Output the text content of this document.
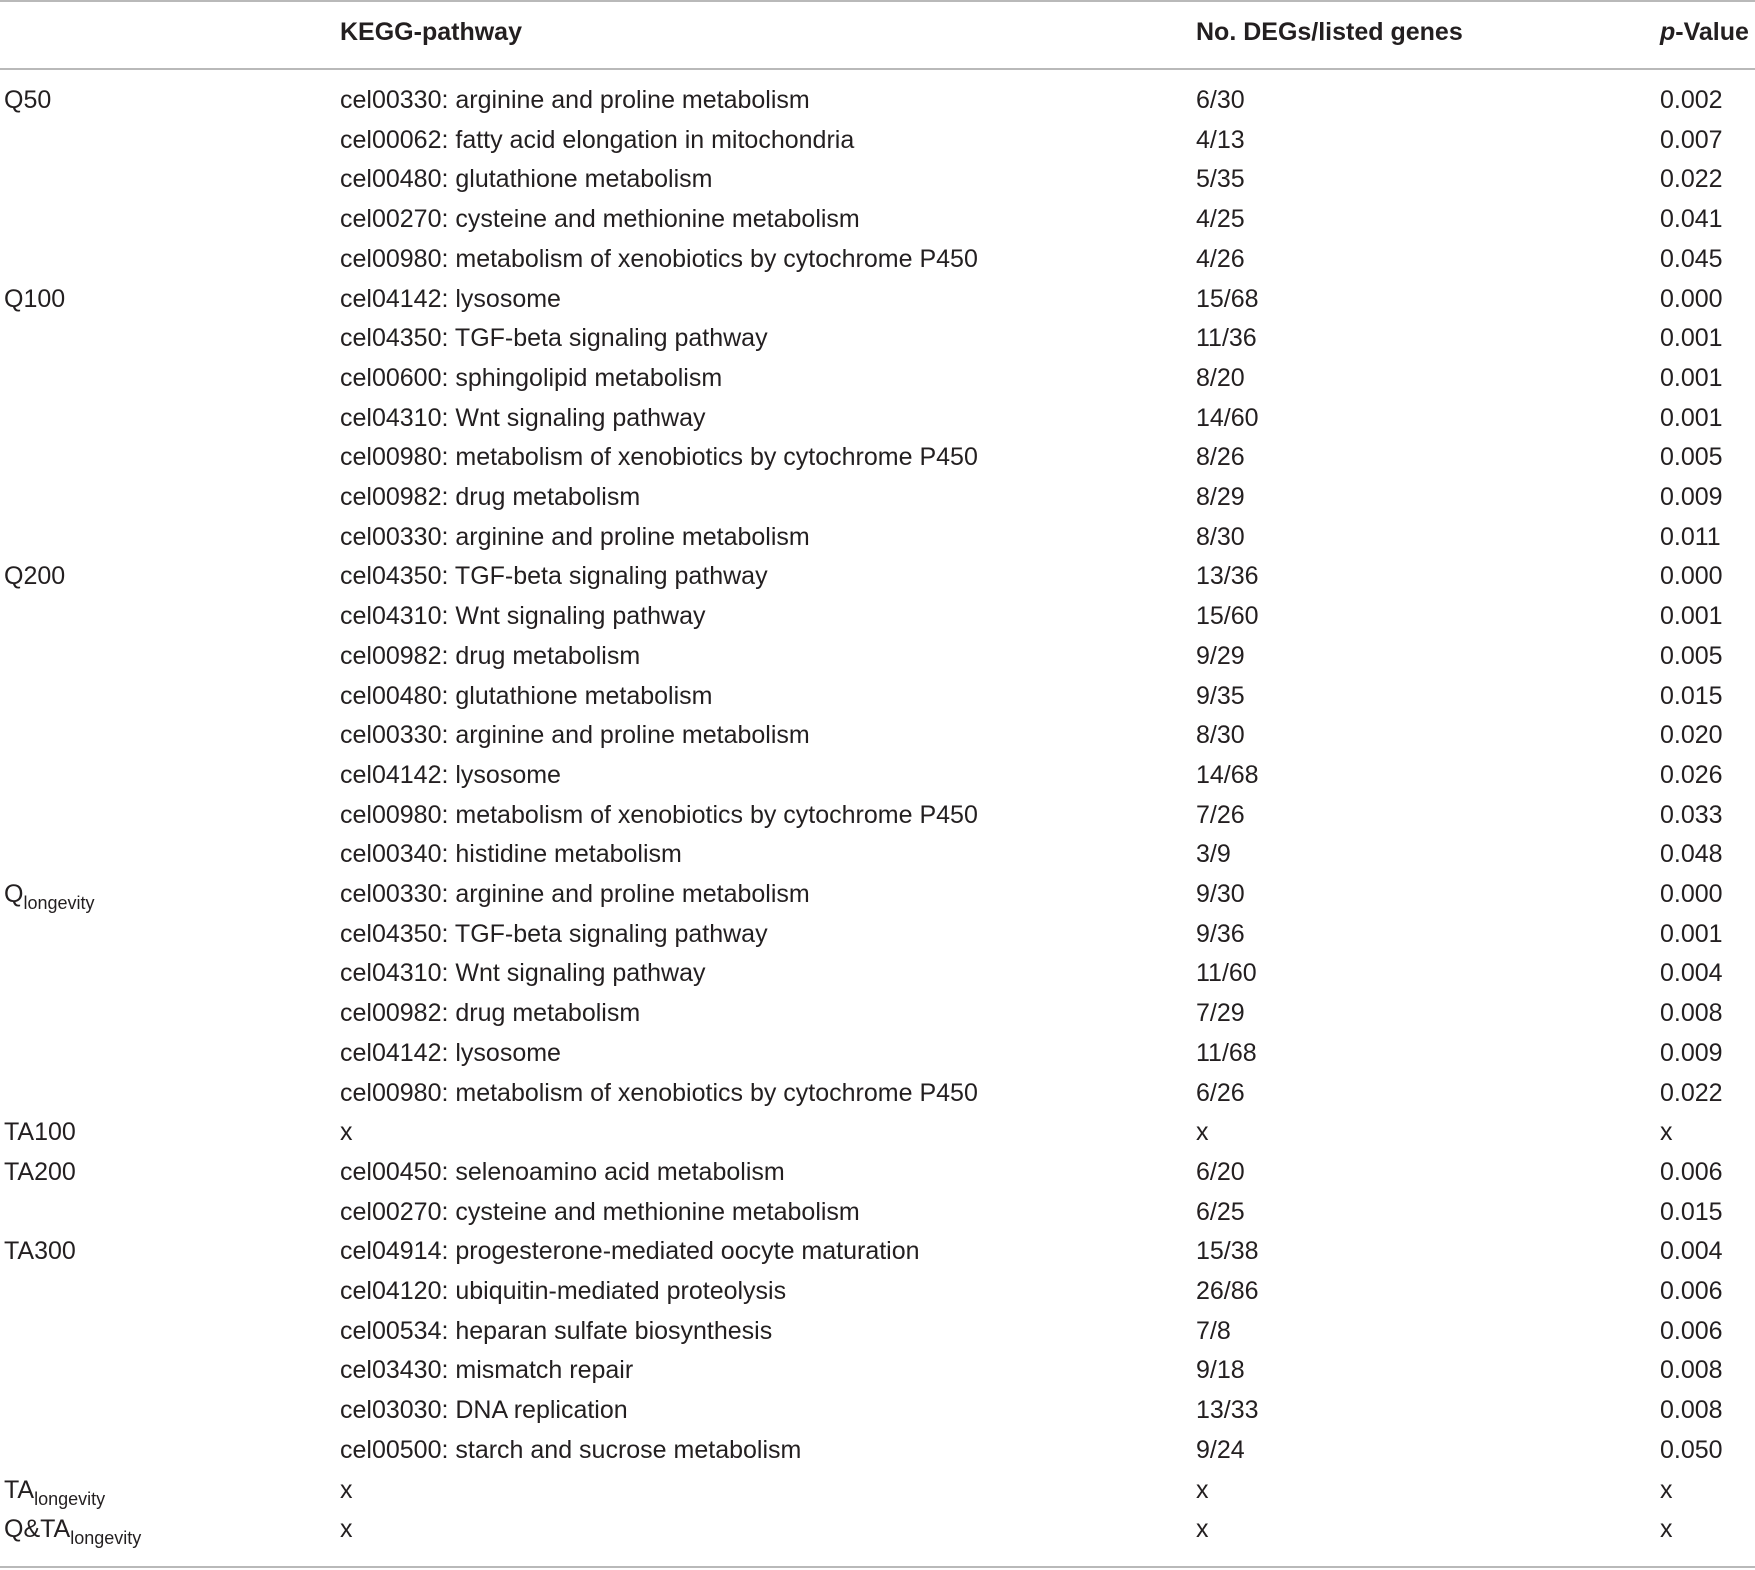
KEGG-pathway	No. DEGs/listed genes	p-Value
Q50	cel00330: arginine and proline metabolism	6/30	0.002
cel00062: fatty acid elongation in mitochondria	4/13	0.007
cel00480: glutathione metabolism	5/35	0.022
cel00270: cysteine and methionine metabolism	4/25	0.041
cel00980: metabolism of xenobiotics by cytochrome P450	4/26	0.045
Q100	cel04142: lysosome	15/68	0.000
cel04350: TGF-beta signaling pathway	11/36	0.001
cel00600: sphingolipid metabolism	8/20	0.001
cel04310: Wnt signaling pathway	14/60	0.001
cel00980: metabolism of xenobiotics by cytochrome P450	8/26	0.005
cel00982: drug metabolism	8/29	0.009
cel00330: arginine and proline metabolism	8/30	0.011
Q200	cel04350: TGF-beta signaling pathway	13/36	0.000
cel04310: Wnt signaling pathway	15/60	0.001
cel00982: drug metabolism	9/29	0.005
cel00480: glutathione metabolism	9/35	0.015
cel00330: arginine and proline metabolism	8/30	0.020
cel04142: lysosome	14/68	0.026
cel00980: metabolism of xenobiotics by cytochrome P450	7/26	0.033
cel00340: histidine metabolism	3/9	0.048
$Q_{longevity}$	cel00330: arginine and proline metabolism	9/30	0.000
cel04350: TGF-beta signaling pathway	9/36	0.001
cel04310: Wnt signaling pathway	11/60	0.004
cel00982: drug metabolism	7/29	0.008
cel04142: lysosome	11/68	0.009
cel00980: metabolism of xenobiotics by cytochrome P450	6/26	0.022
TA100	x	x	x
TA200	cel00450: selenoamino acid metabolism	6/20	0.006
cel00270: cysteine and methionine metabolism	6/25	0.015
TA300	cel04914: progesterone-mediated oocyte maturation	15/38	0.004
cel04120: ubiquitin-mediated proteolysis	26/86	0.006
cel00534: heparan sulfate biosynthesis	7/8	0.006
cel03430: mismatch repair	9/18	0.008
cel03030: DNA replication	13/33	0.008
cel00500: starch and sucrose metabolism	9/24	0.050
$TA_{longevity}$	x	x	x
$Q\&TA_{longevity}$	x	x	x
